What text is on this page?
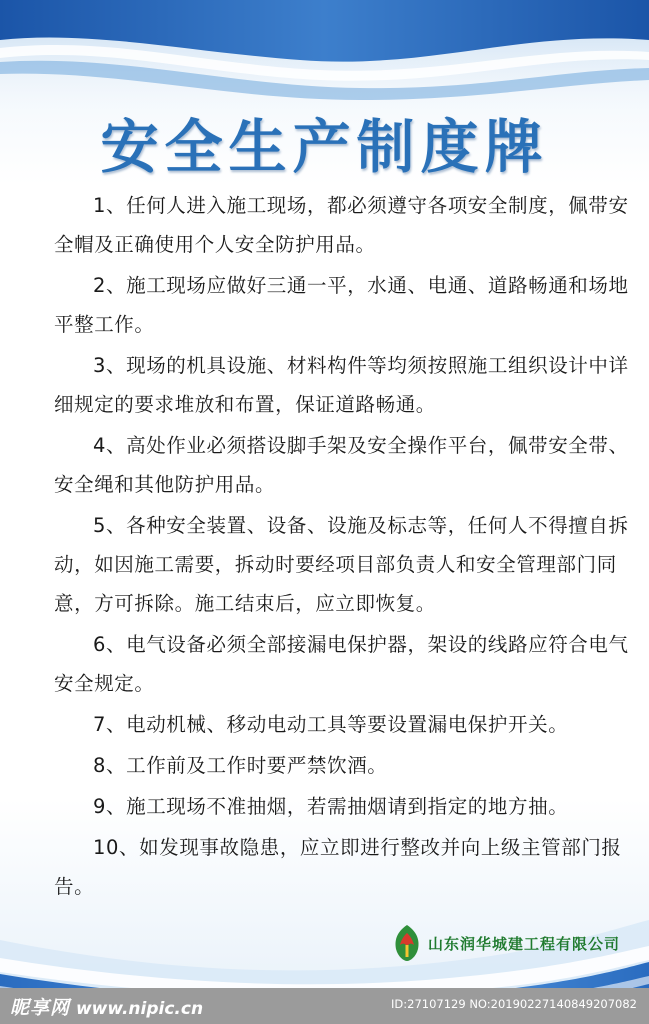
安全生产制度牌
1、任何人进入施工现场，都必须遵守各项安全制度，佩带安全帽及正确使用个人安全防护用品。
2、施工现场应做好三通一平，水通、电通、道路畅通和场地平整工作。
3、现场的机具设施、材料构件等均须按照施工组织设计中详细规定的要求堆放和布置，保证道路畅通。
4、高处作业必须搭设脚手架及安全操作平台，佩带安全带、安全绳和其他防护用品。
5、各种安全装置、设备、设施及标志等，任何人不得擅自拆动，如因施工需要，拆动时要经项目部负责人和安全管理部门同意，方可拆除。施工结束后，应立即恢复。
6、电气设备必须全部接漏电保护器，架设的线路应符合电气安全规定。
7、电动机械、移动电动工具等要设置漏电保护开关。
8、工作前及工作时要严禁饮酒。
9、施工现场不准抽烟，若需抽烟请到指定的地方抽。
10、如发现事故隐患，应立即进行整改并向上级主管部门报告。
山东润华城建工程有限公司
昵享网 www.nipic.cn	ID:27107129 NO:20190227140849207082
